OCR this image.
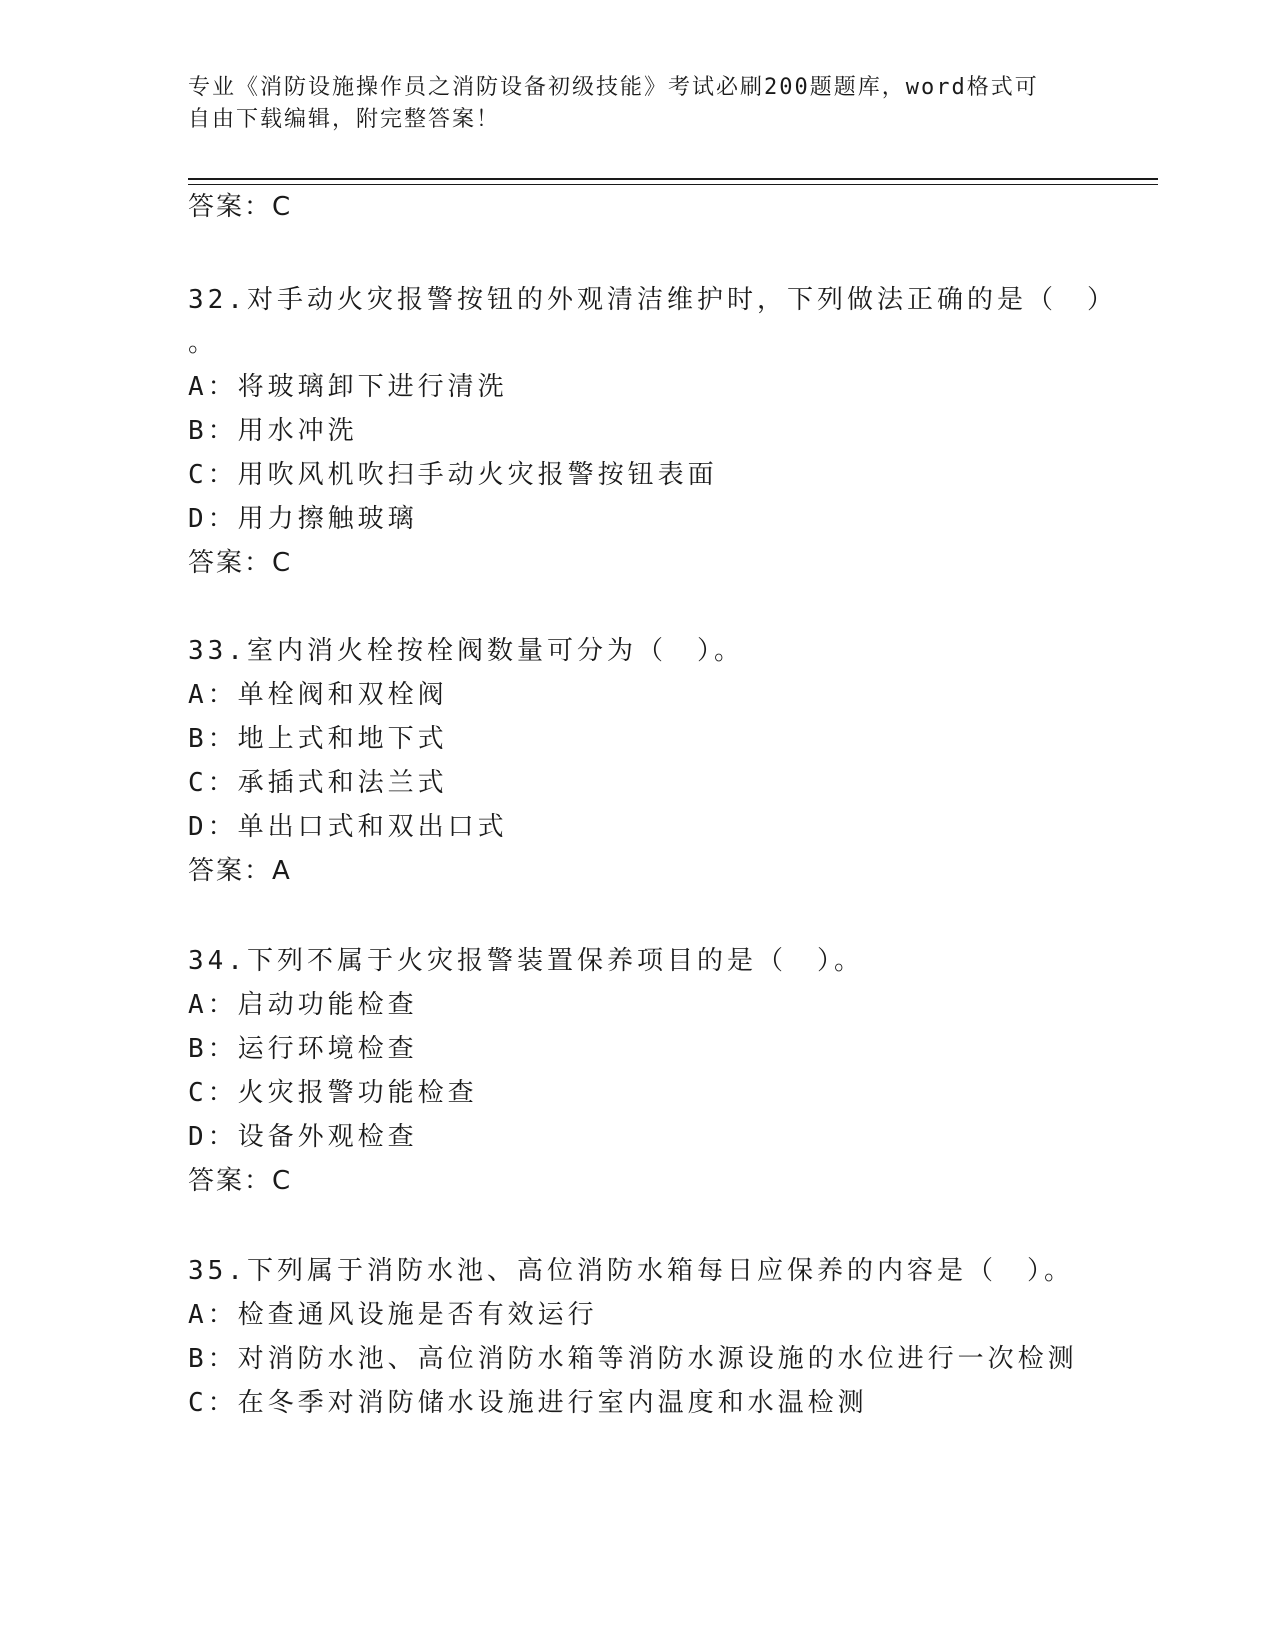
专业《消防设施操作员之消防设备初级技能》考试必刷200题题库，word格式可
自由下载编辑，附完整答案！
答案：C
32.对手动火灾报警按钮的外观清洁维护时，下列做法正确的是（　）
。
A：将玻璃卸下进行清洗
B：用水冲洗
C：用吹风机吹扫手动火灾报警按钮表面
D：用力擦触玻璃
答案：C
33.室内消火栓按栓阀数量可分为（　）。
A：单栓阀和双栓阀
B：地上式和地下式
C：承插式和法兰式
D：单出口式和双出口式
答案：A
34.下列不属于火灾报警装置保养项目的是（　）。
A：启动功能检查
B：运行环境检查
C：火灾报警功能检查
D：设备外观检查
答案：C
35.下列属于消防水池、高位消防水箱每日应保养的内容是（　）。
A：检查通风设施是否有效运行
B：对消防水池、高位消防水箱等消防水源设施的水位进行一次检测
C：在冬季对消防储水设施进行室内温度和水温检测
